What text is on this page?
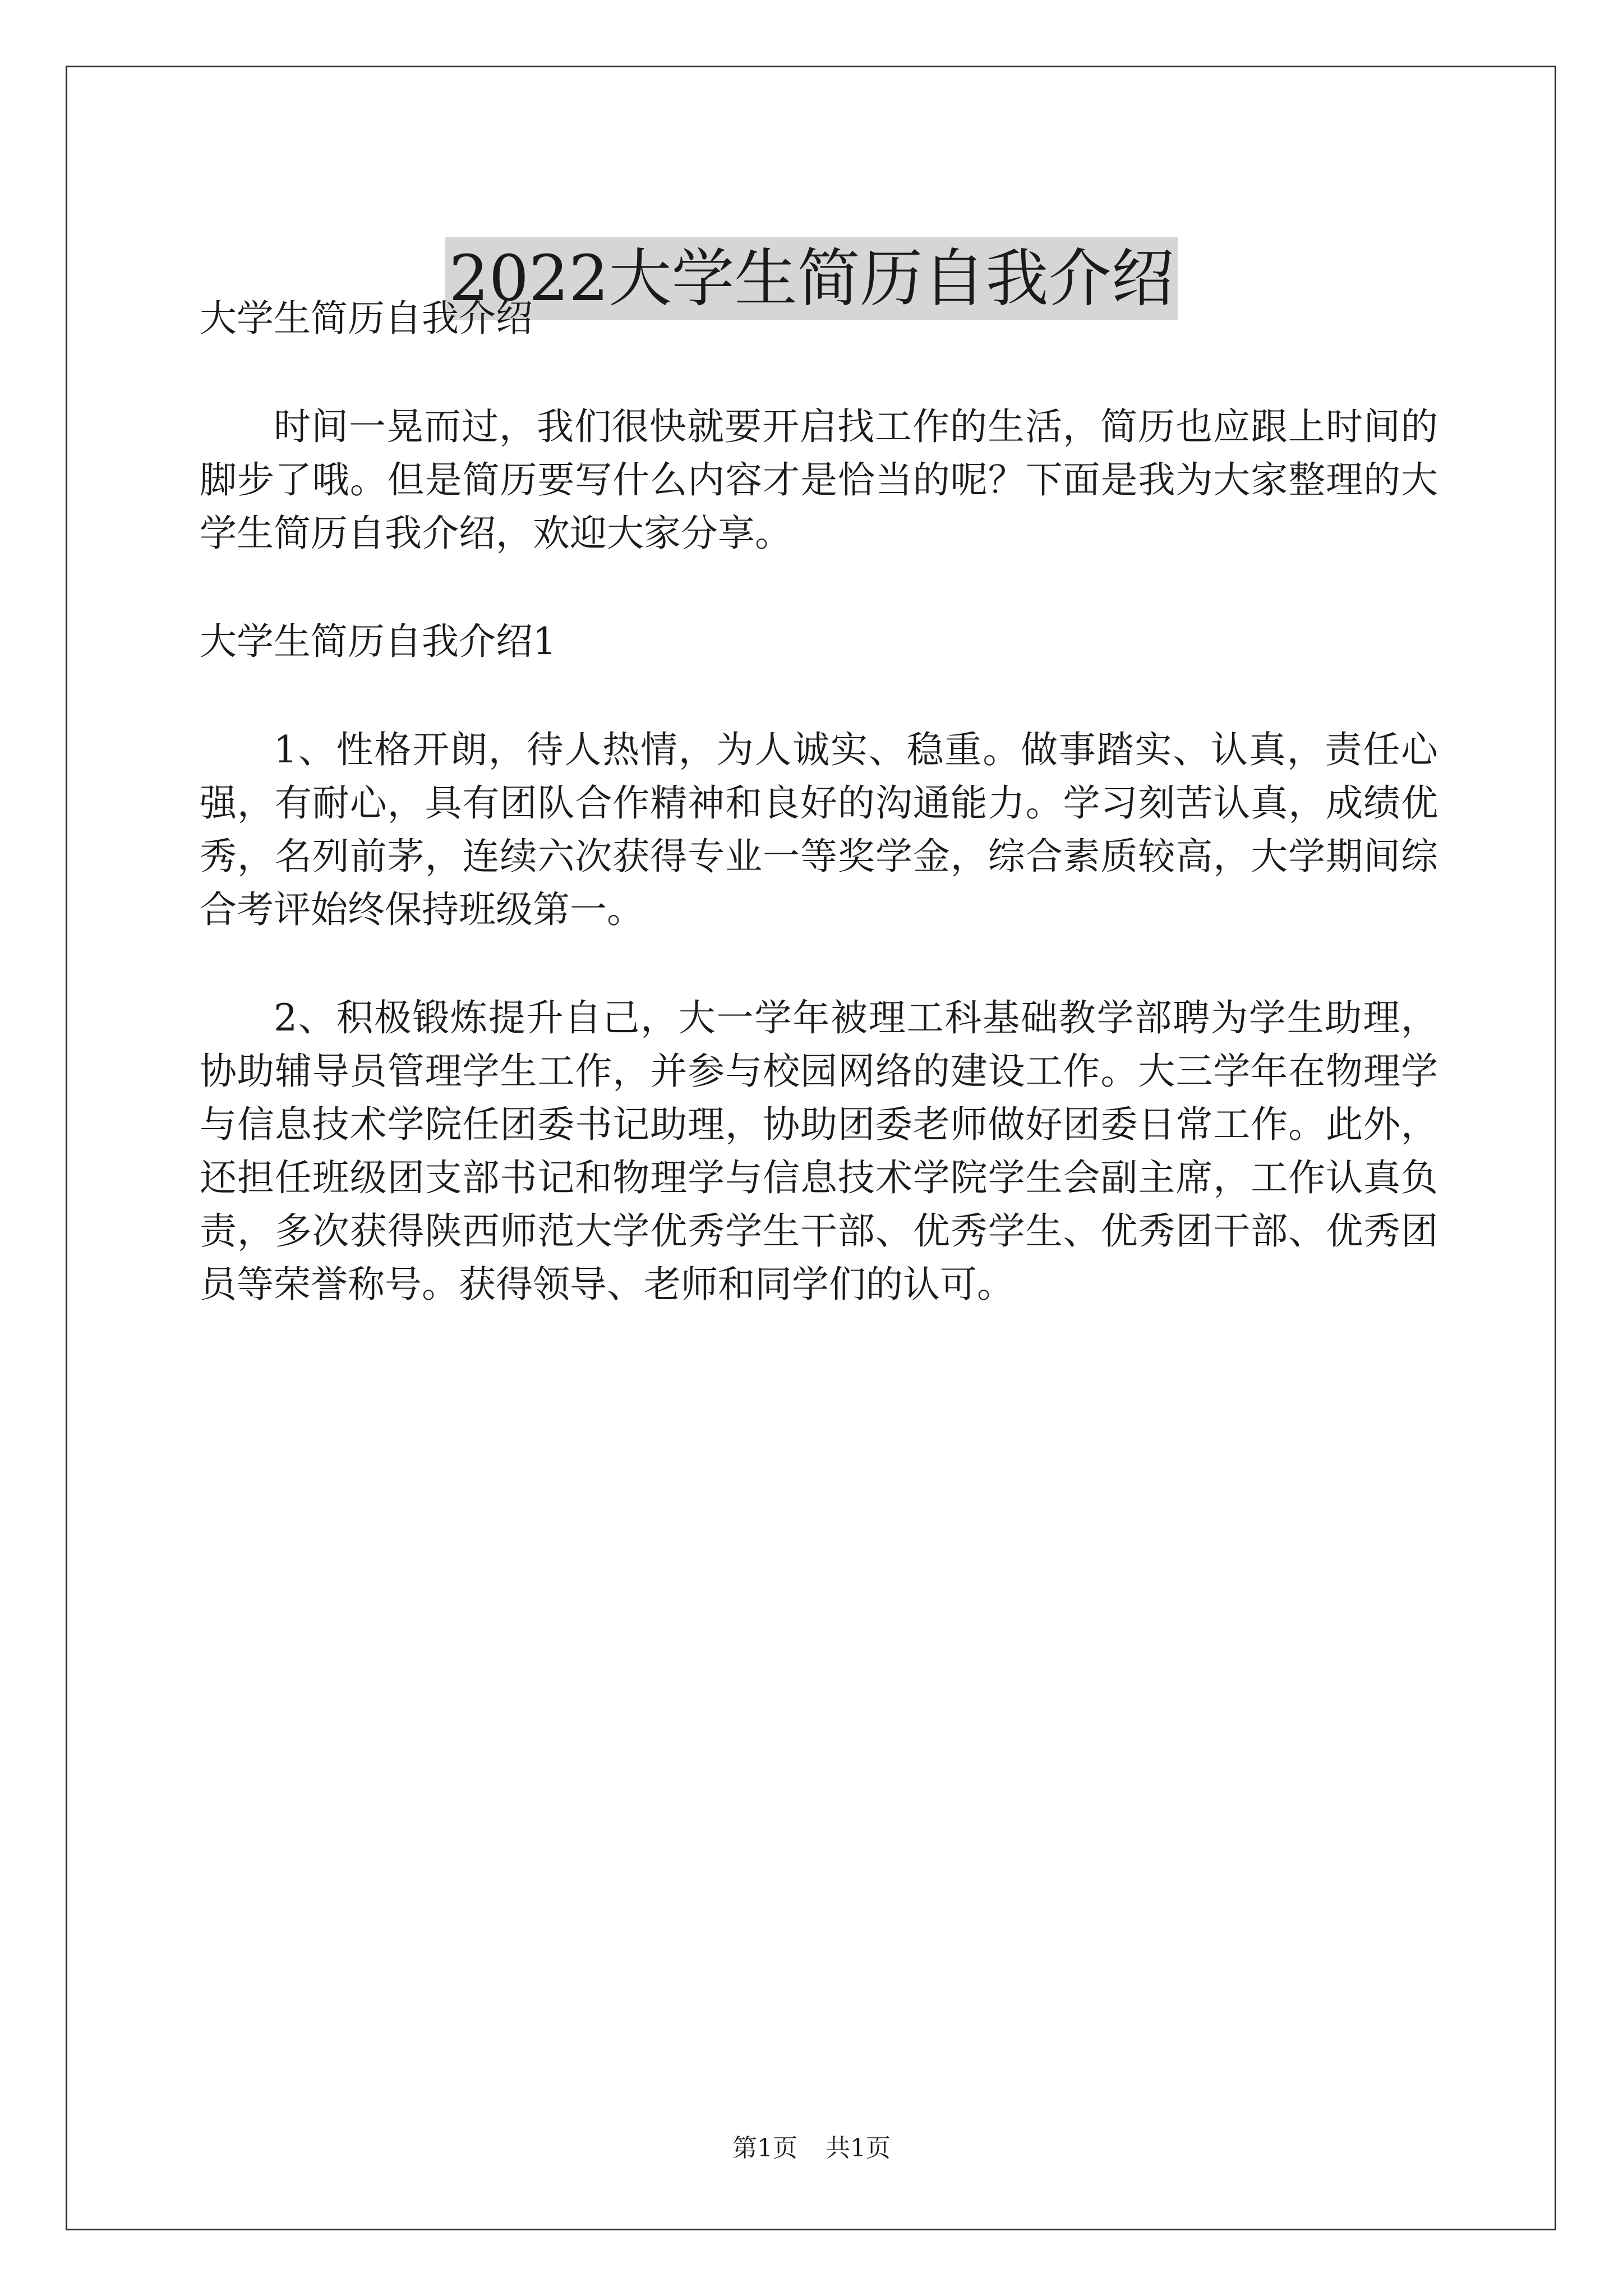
2022大学生简历自我介绍

大学生简历自我介绍

时间一晃而过，我们很快就要开启找工作的生活，简历也应跟上时间的脚步了哦。但是简历要写什么内容才是恰当的呢？下面是我为大家整理的大学生简历自我介绍，欢迎大家分享。

大学生简历自我介绍1

1、性格开朗，待人热情，为人诚实、稳重。做事踏实、认真，责任心强，有耐心，具有团队合作精神和良好的沟通能力。学习刻苦认真，成绩优秀，名列前茅，连续六次获得专业一等奖学金，综合素质较高，大学期间综合考评始终保持班级第一。

2、积极锻炼提升自己，大一学年被理工科基础教学部聘为学生助理，协助辅导员管理学生工作，并参与校园网络的建设工作。大三学年在物理学与信息技术学院任团委书记助理，协助团委老师做好团委日常工作。此外，还担任班级团支部书记和物理学与信息技术学院学生会副主席，工作认真负责，多次获得陕西师范大学优秀学生干部、优秀学生、优秀团干部、优秀团员等荣誉称号。获得领导、老师和同学们的认可。

第1页 共1页
